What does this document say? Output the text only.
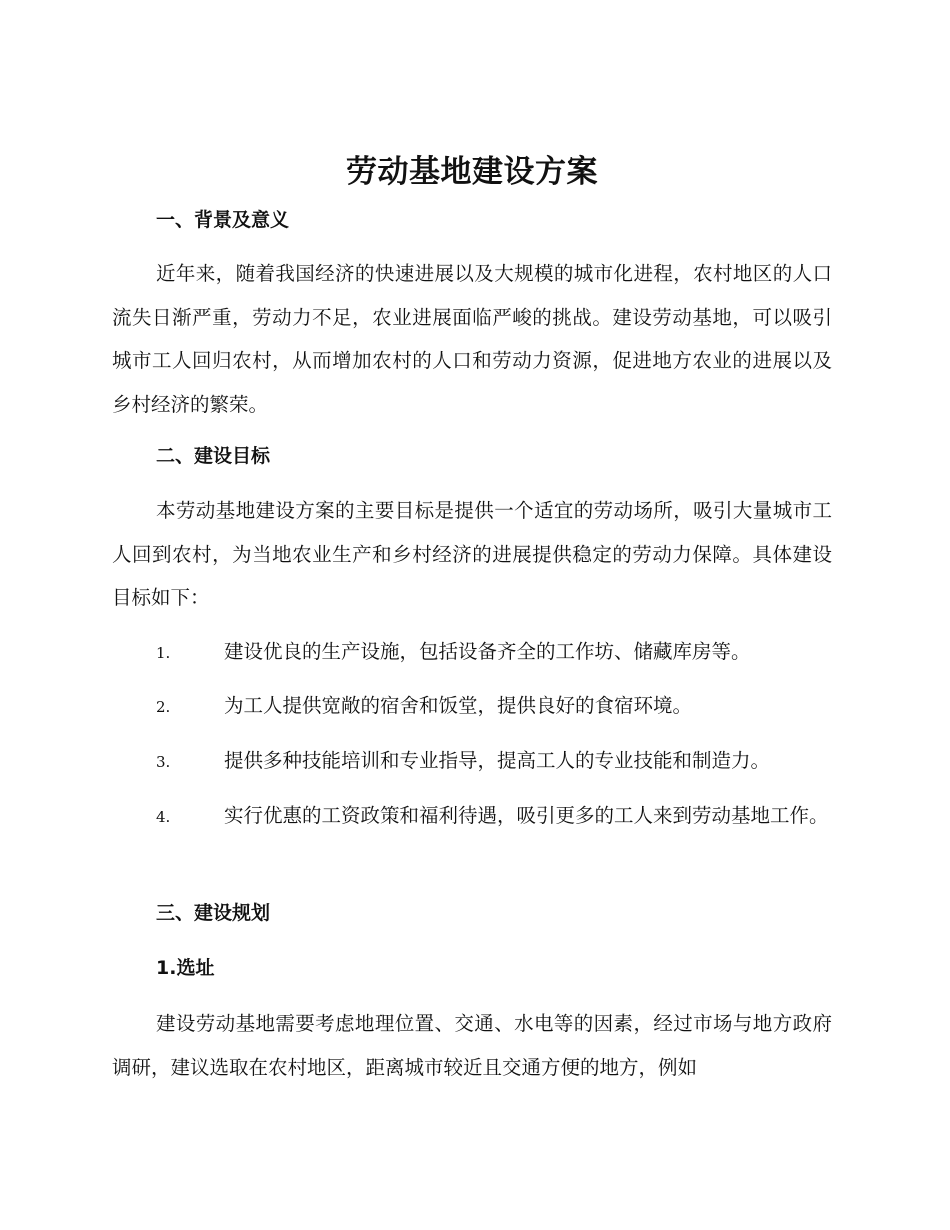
劳动基地建设方案
一、背景及意义

近年来，随着我国经济的快速进展以及大规模的城市化进程，农村地区的人口流失日渐严重，劳动力不足，农业进展面临严峻的挑战。建设劳动基地，可以吸引城市工人回归农村，从而增加农村的人口和劳动力资源，促进地方农业的进展以及乡村经济的繁荣。

二、建设目标

本劳动基地建设方案的主要目标是提供一个适宜的劳动场所，吸引大量城市工人回到农村，为当地农业生产和乡村经济的进展提供稳定的劳动力保障。具体建设目标如下：

1.	建设优良的生产设施，包括设备齐全的工作坊、储藏库房等。

2.	为工人提供宽敞的宿舍和饭堂，提供良好的食宿环境。

3.	提供多种技能培训和专业指导，提高工人的专业技能和制造力。

4.	实行优惠的工资政策和福利待遇，吸引更多的工人来到劳动基地工作。

三、建设规划
1.选址

建设劳动基地需要考虑地理位置、交通、水电等的因素，经过市场与地方政府调研，建议选取在农村地区，距离城市较近且交通方便的地方，例如
